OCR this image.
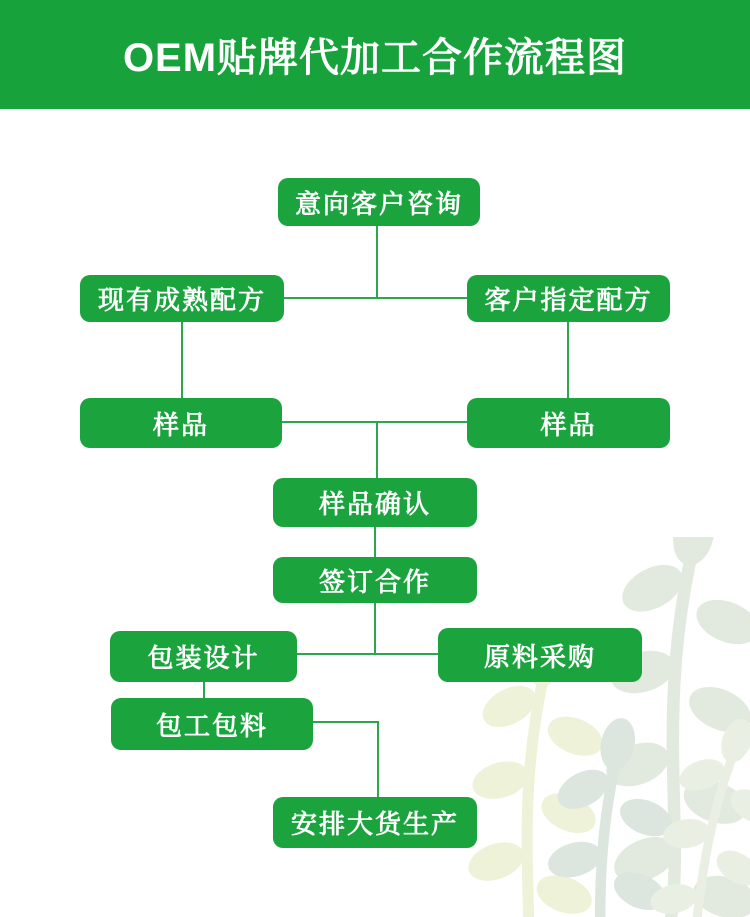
OEM贴牌代加工合作流程图
意向客户咨询
现有成熟配方	客户指定配方
样品	样品
样品确认
签订合作
包装设计	原料采购
包工包料
安排大货生产
